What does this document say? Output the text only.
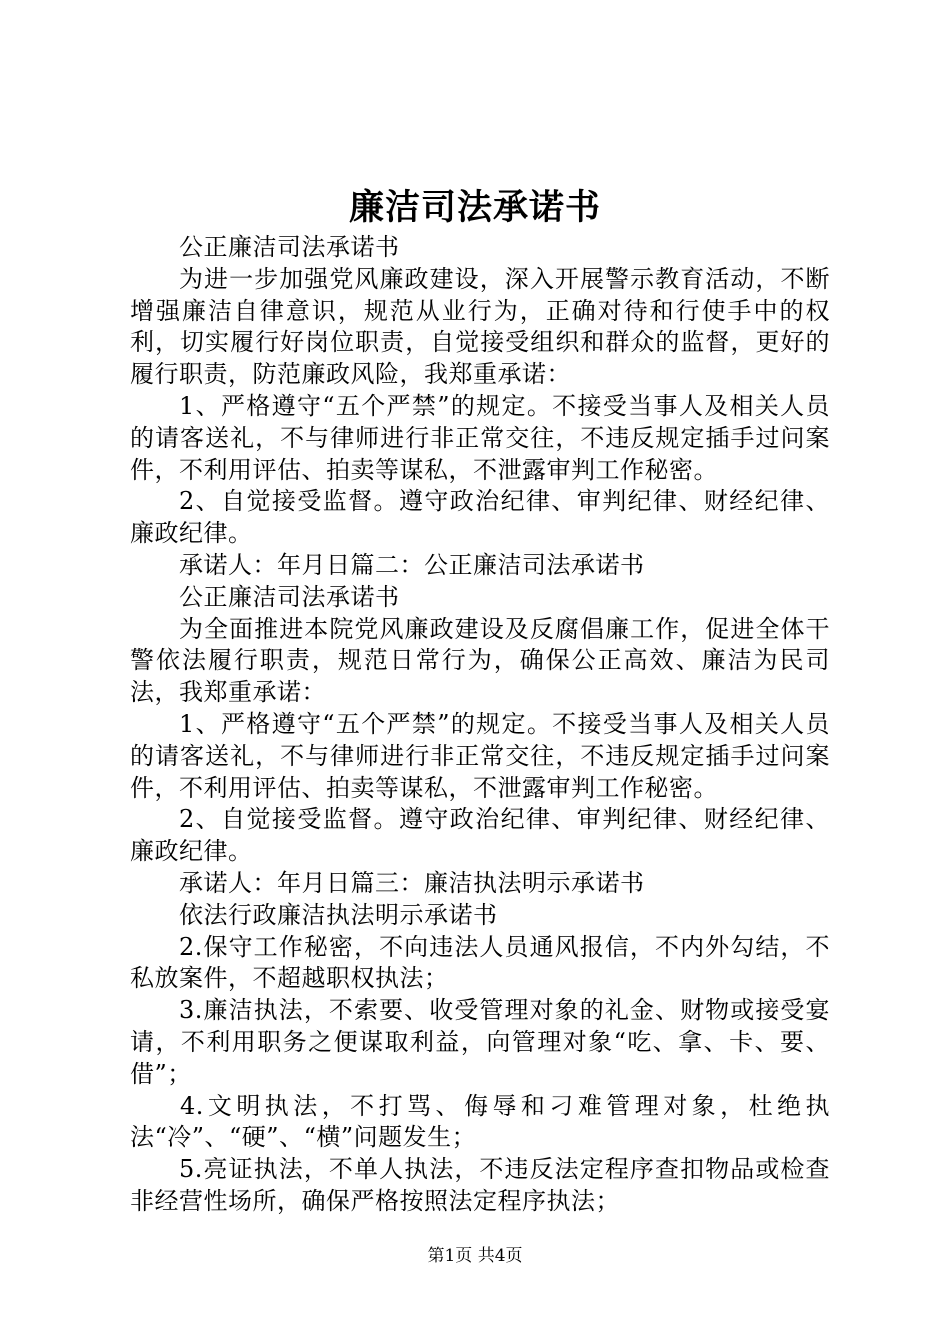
廉洁司法承诺书

公正廉洁司法承诺书

为进一步加强党风廉政建设，深入开展警示教育活动，不断增强廉洁自律意识，规范从业行为，正确对待和行使手中的权利，切实履行好岗位职责，自觉接受组织和群众的监督，更好的履行职责，防范廉政风险，我郑重承诺：

1、严格遵守“五个严禁”的规定。不接受当事人及相关人员的请客送礼，不与律师进行非正常交往，不违反规定插手过问案件，不利用评估、拍卖等谋私，不泄露审判工作秘密。

2、自觉接受监督。遵守政治纪律、审判纪律、财经纪律、廉政纪律。

承诺人：年月日篇二：公正廉洁司法承诺书

公正廉洁司法承诺书

为全面推进本院党风廉政建设及反腐倡廉工作，促进全体干警依法履行职责，规范日常行为，确保公正高效、廉洁为民司法，我郑重承诺：

1、严格遵守“五个严禁”的规定。不接受当事人及相关人员的请客送礼，不与律师进行非正常交往，不违反规定插手过问案件，不利用评估、拍卖等谋私，不泄露审判工作秘密。

2、自觉接受监督。遵守政治纪律、审判纪律、财经纪律、廉政纪律。

承诺人：年月日篇三：廉洁执法明示承诺书

依法行政廉洁执法明示承诺书

2.保守工作秘密，不向违法人员通风报信，不内外勾结，不私放案件，不超越职权执法；

3.廉洁执法，不索要、收受管理对象的礼金、财物或接受宴请，不利用职务之便谋取利益，向管理对象“吃、拿、卡、要、借”；

4.文明执法，不打骂、侮辱和刁难管理对象，杜绝执法“冷”、“硬”、“横”问题发生；

5.亮证执法，不单人执法，不违反法定程序查扣物品或检查非经营性场所，确保严格按照法定程序执法；

第1页 共4页
